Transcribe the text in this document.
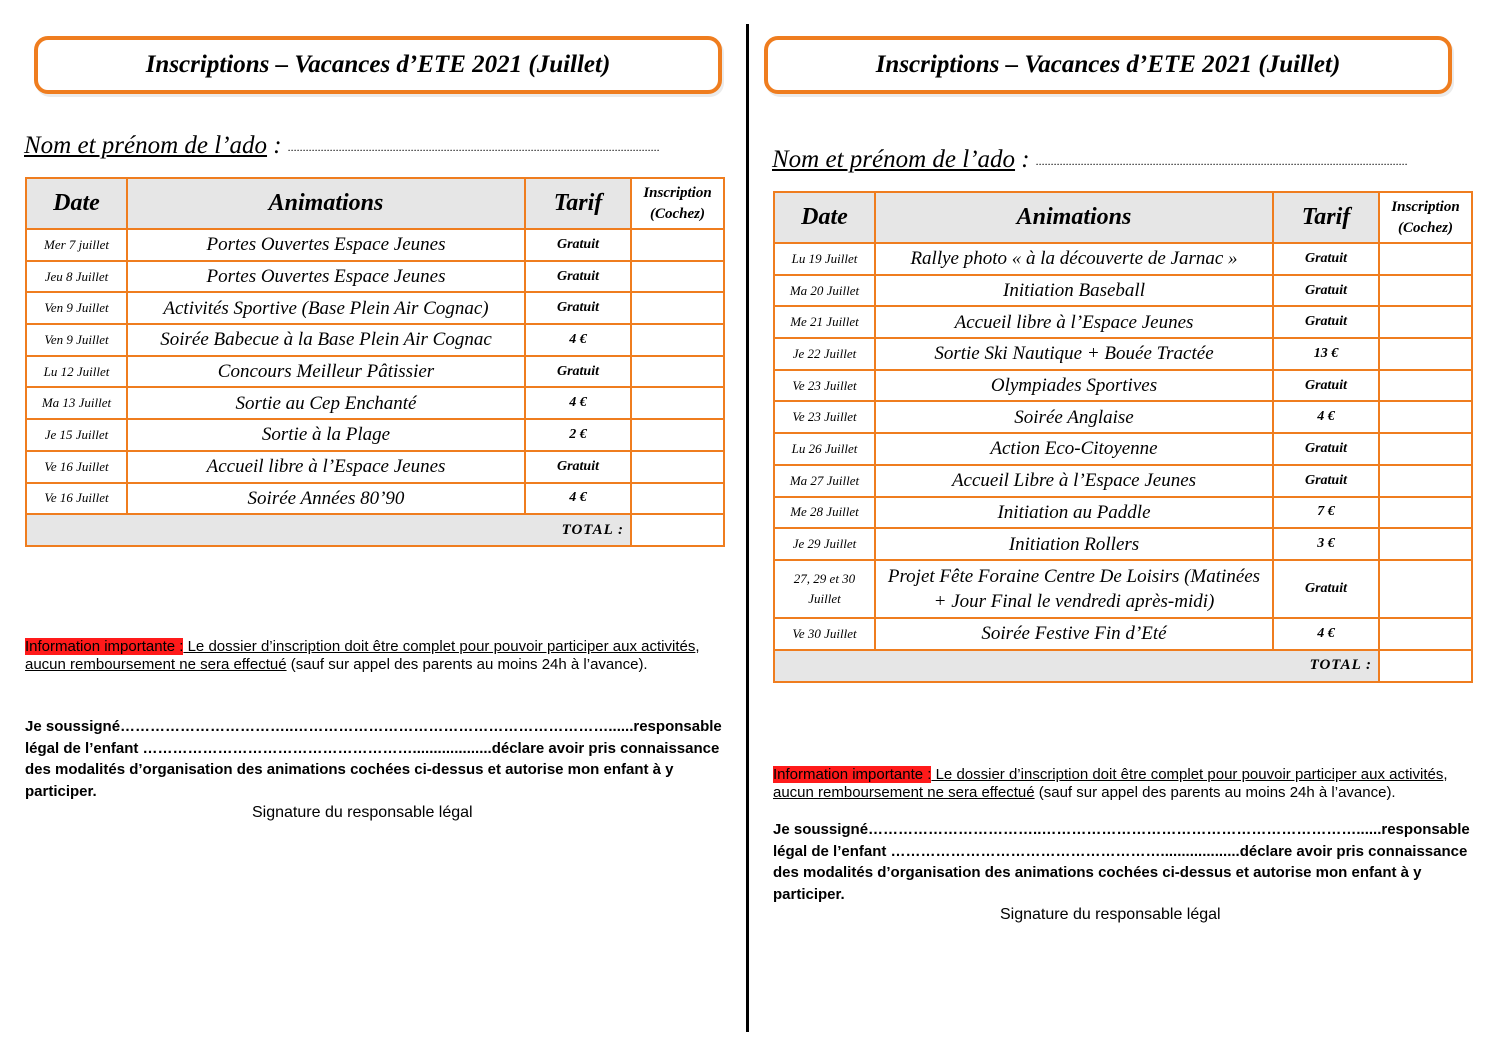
Inscriptions – Vacances d’ETE 2021 (Juillet)
Nom et prénom de l’ado : ............................................................................................................................
Date	Animations	Tarif	Inscription
(Cochez)
Mer 7 juillet	Portes Ouvertes Espace Jeunes	Gratuit	
Jeu 8 Juillet	Portes Ouvertes Espace Jeunes	Gratuit	
Ven 9 Juillet	Activités Sportive (Base Plein Air Cognac)	Gratuit	
Ven 9 Juillet	Soirée Babecue à la Base Plein Air Cognac	4 €	
Lu 12 Juillet	Concours Meilleur Pâtissier	Gratuit	
Ma 13 Juillet	Sortie au Cep Enchanté	4 €	
Je 15 Juillet	Sortie à la Plage	2 €	
Ve 16 Juillet	Accueil libre à l’Espace Jeunes	Gratuit	
Ve 16 Juillet	Soirée Années 80’90	4 €	
TOTAL :			
Information importante : Le dossier d’inscription doit être complet pour pouvoir participer aux activités, aucun remboursement ne sera effectué (sauf sur appel des parents au moins 24h à l’avance).
Je soussigné……………………………..………………………………………………………......responsable légal de l’enfant ………………………………………………...................déclare avoir pris connaissance des modalités d’organisation des animations cochées ci-dessus et autorise mon enfant à y participer.
Signature du responsable légal
Inscriptions – Vacances d’ETE 2021 (Juillet)
Nom et prénom de l’ado : ............................................................................................................................
Date	Animations	Tarif	Inscription
(Cochez)
Lu 19 Juillet	Rallye photo « à la découverte de Jarnac »	Gratuit	
Ma 20 Juillet	Initiation Baseball	Gratuit	
Me 21 Juillet	Accueil libre à l’Espace Jeunes	Gratuit	
Je 22 Juillet	Sortie Ski Nautique + Bouée Tractée	13 €	
Ve 23 Juillet	Olympiades Sportives	Gratuit	
Ve 23 Juillet	Soirée Anglaise	4 €	
Lu 26 Juillet	Action Eco-Citoyenne	Gratuit	
Ma 27 Juillet	Accueil Libre à l’Espace Jeunes	Gratuit	
Me 28 Juillet	Initiation au Paddle	7 €	
Je 29 Juillet	Initiation Rollers	3 €	
27, 29 et 30 Juillet	Projet Fête Foraine Centre De Loisirs (Matinées + Jour Final le vendredi après-midi)	Gratuit	
Ve 30 Juillet	Soirée Festive Fin d’Eté	4 €	
TOTAL :			
Information importante : Le dossier d’inscription doit être complet pour pouvoir participer aux activités, aucun remboursement ne sera effectué (sauf sur appel des parents au moins 24h à l’avance).
Je soussigné……………………………..………………………………………………………......responsable légal de l’enfant ………………………………………………...................déclare avoir pris connaissance des modalités d’organisation des animations cochées ci-dessus et autorise mon enfant à y participer.
Signature du responsable légal
